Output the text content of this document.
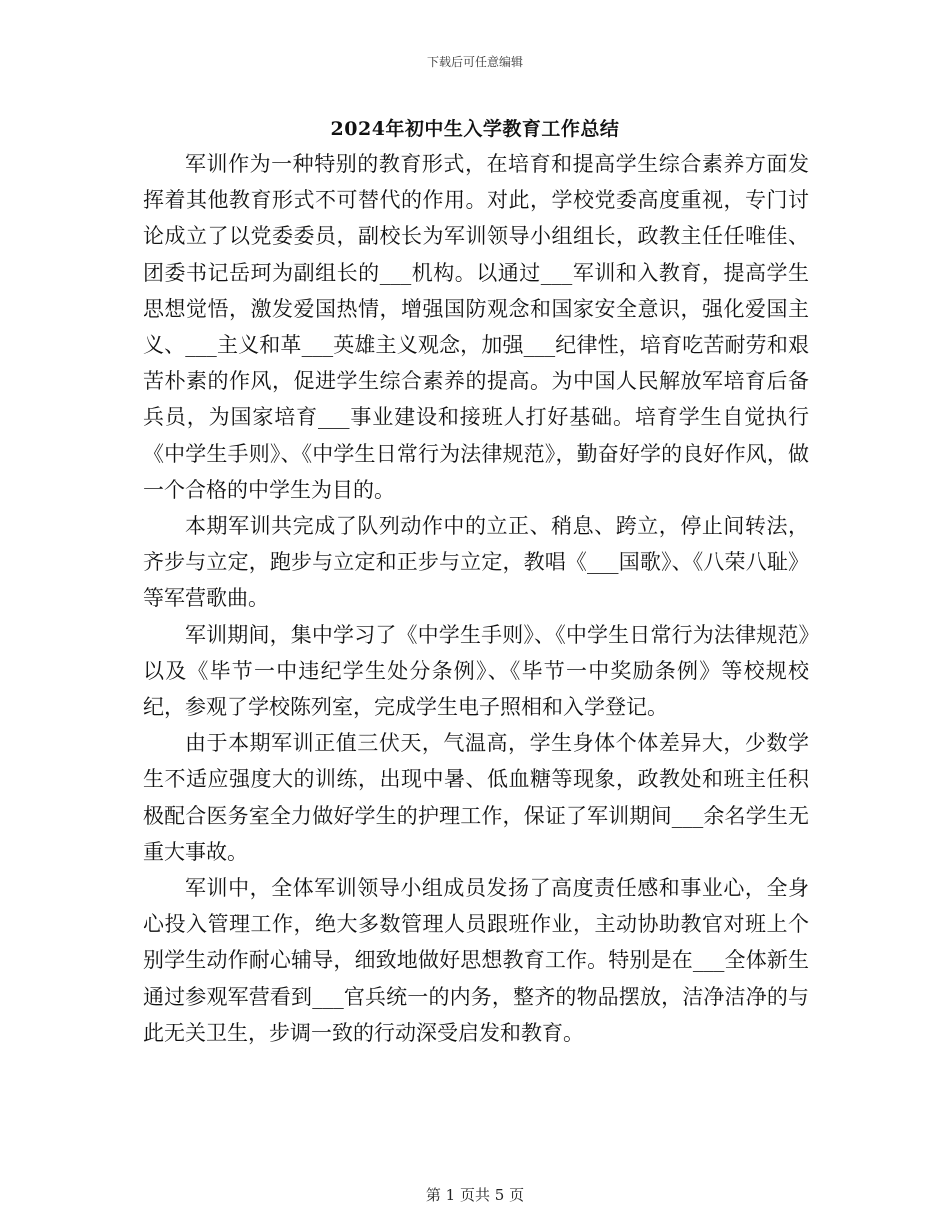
下载后可任意编辑
2024年初中生入学教育工作总结

军训作为一种特别的教育形式，在培育和提高学生综合素养方面发挥着其他教育形式不可替代的作用。对此，学校党委高度重视，专门讨论成立了以党委委员，副校长为军训领导小组组长，政教主任任唯佳、团委书记岳珂为副组长的___机构。以通过___军训和入教育，提高学生思想觉悟，激发爱国热情，增强国防观念和国家安全意识，强化爱国主义、___主义和革___英雄主义观念，加强___纪律性，培育吃苦耐劳和艰苦朴素的作风，促进学生综合素养的提高。为中国人民解放军培育后备兵员，为国家培育___事业建设和接班人打好基础。培育学生自觉执行《中学生手则》、《中学生日常行为法律规范》，勤奋好学的良好作风，做一个合格的中学生为目的。

本期军训共完成了队列动作中的立正、稍息、跨立，停止间转法，齐步与立定，跑步与立定和正步与立定，教唱《___国歌》、《八荣八耻》等军营歌曲。

军训期间，集中学习了《中学生手则》、《中学生日常行为法律规范》以及《毕节一中违纪学生处分条例》、《毕节一中奖励条例》等校规校纪，参观了学校陈列室，完成学生电子照相和入学登记。

由于本期军训正值三伏天，气温高，学生身体个体差异大，少数学生不适应强度大的训练，出现中暑、低血糖等现象，政教处和班主任积极配合医务室全力做好学生的护理工作，保证了军训期间___余名学生无重大事故。

军训中，全体军训领导小组成员发扬了高度责任感和事业心，全身心投入管理工作，绝大多数管理人员跟班作业，主动协助教官对班上个别学生动作耐心辅导，细致地做好思想教育工作。特别是在___全体新生通过参观军营看到___官兵统一的内务，整齐的物品摆放，洁净洁净的与此无关卫生，步调一致的行动深受启发和教育。

第 1 页共 5 页
